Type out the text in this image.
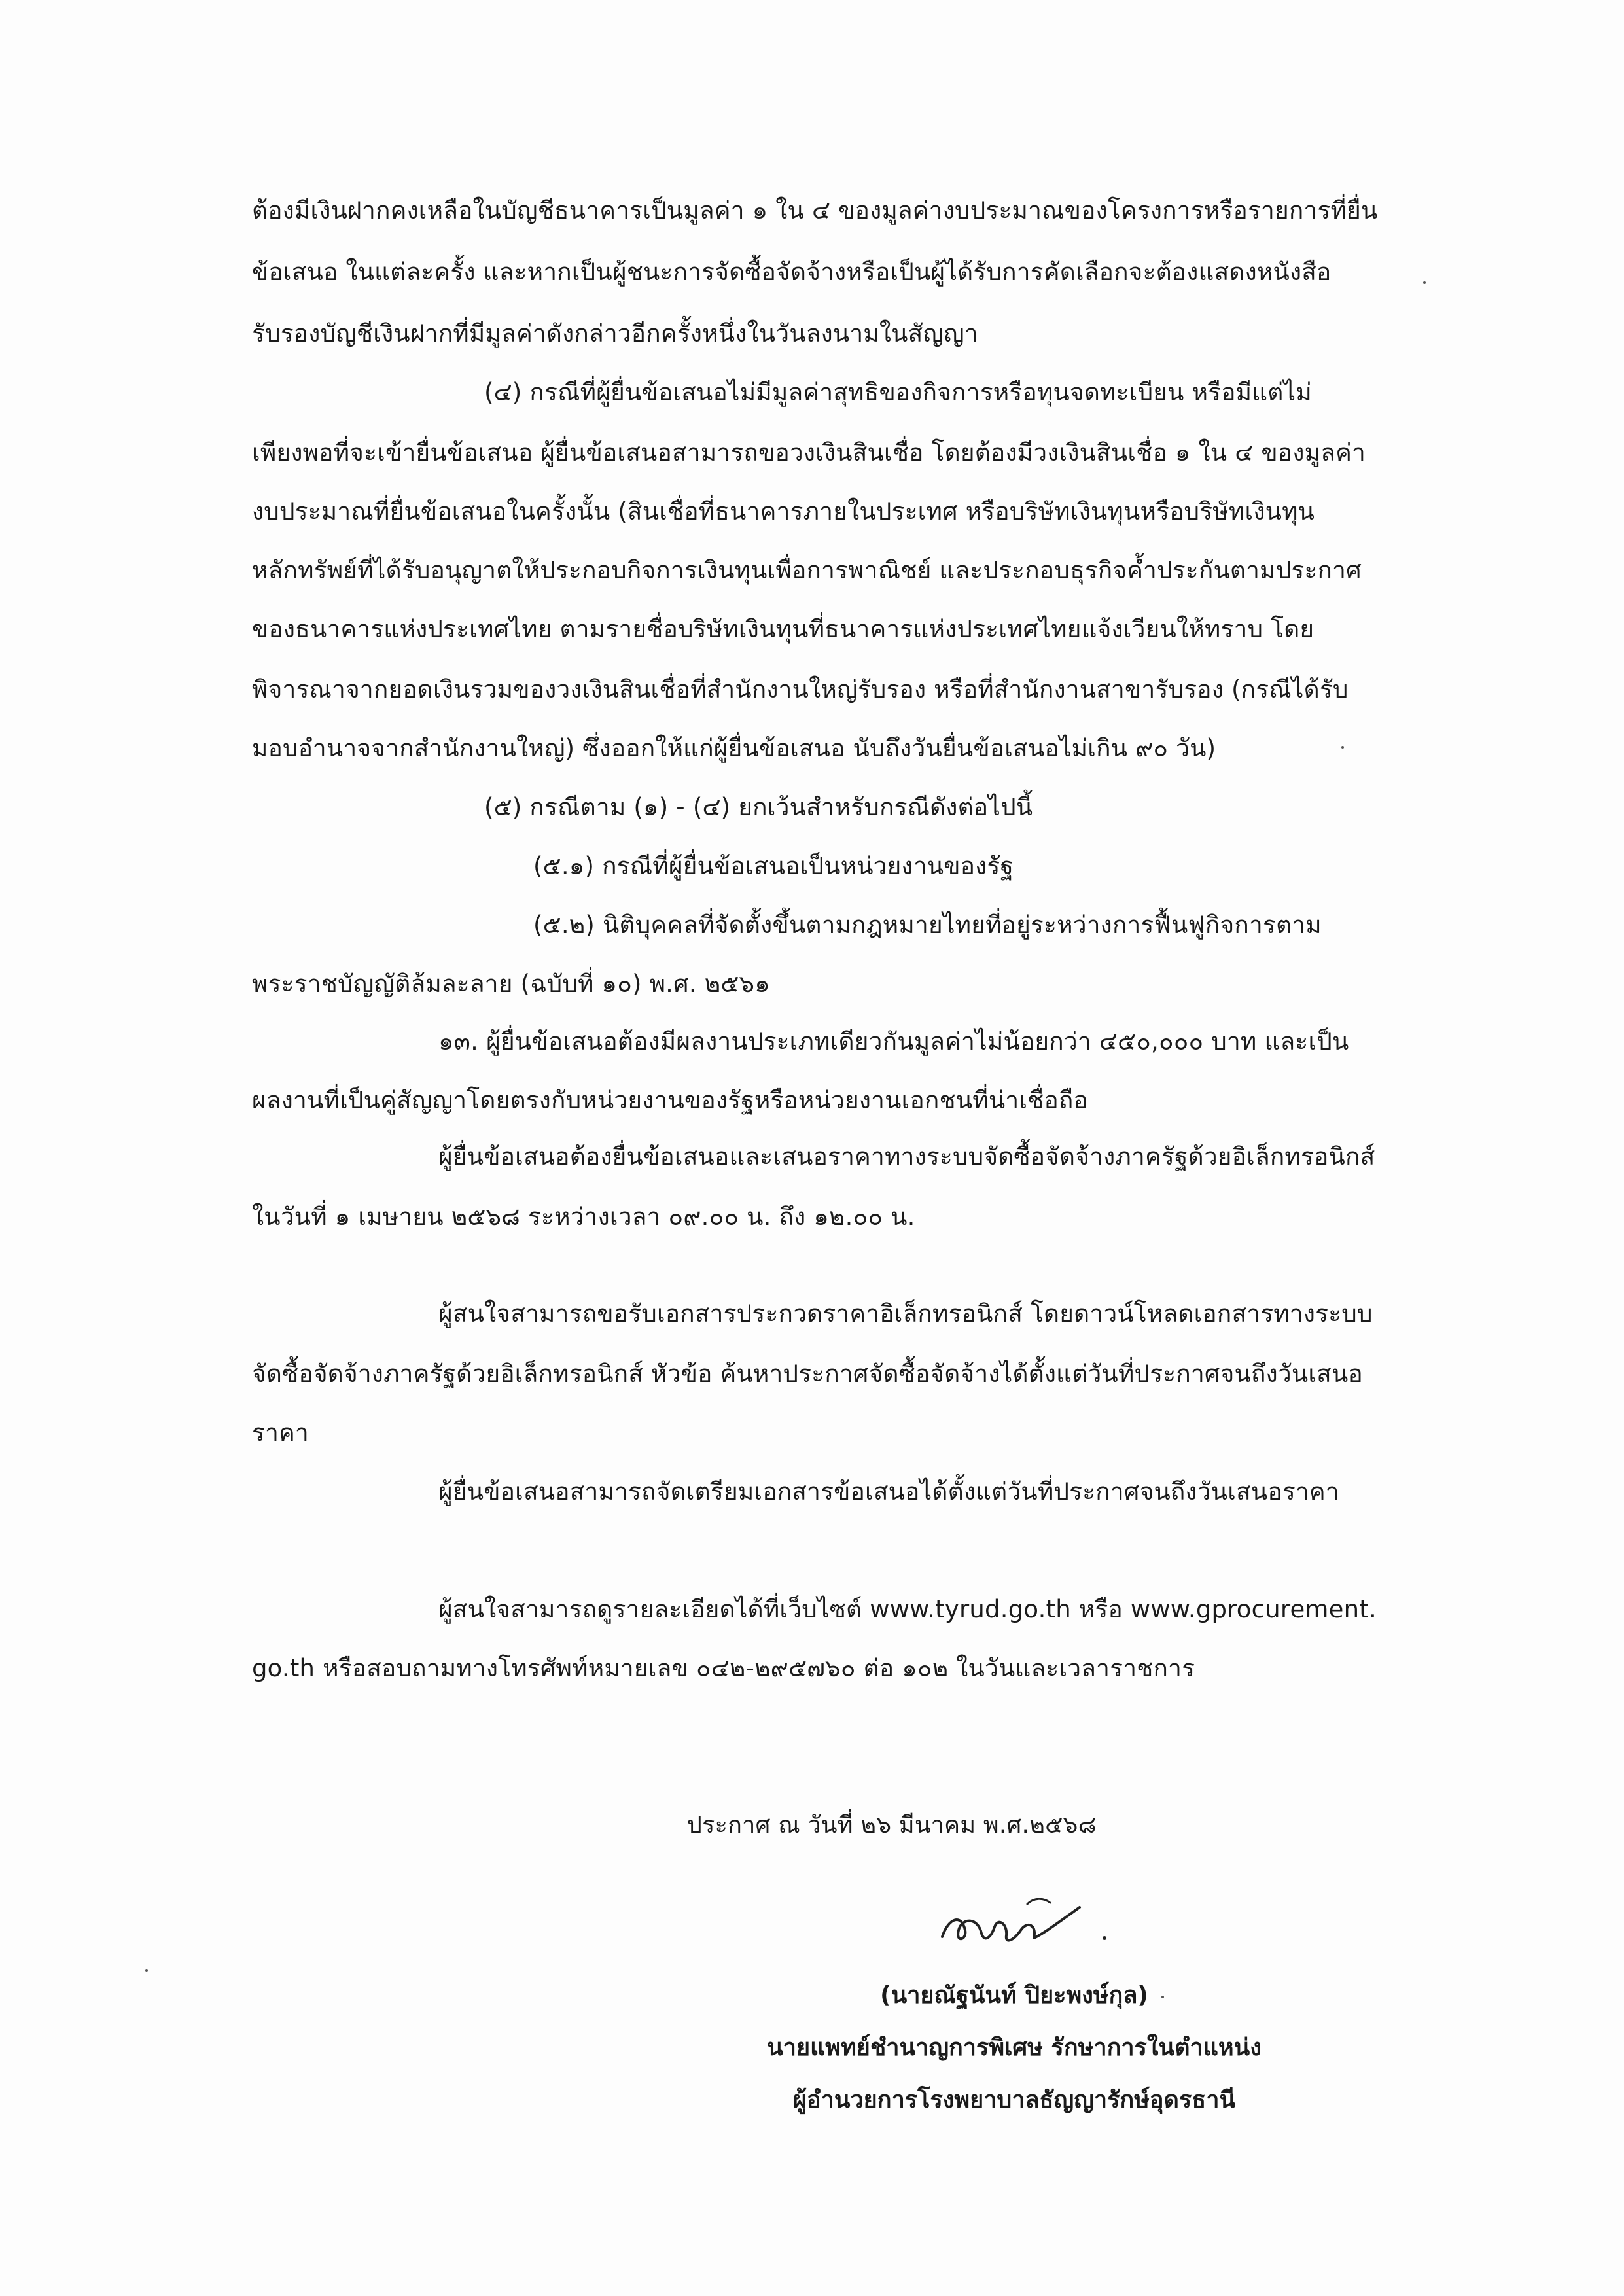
ต้องมีเงินฝากคงเหลือในบัญชีธนาคารเป็นมูลค่า ๑ ใน ๔ ของมูลค่างบประมาณของโครงการหรือรายการที่ยื่น
ข้อเสนอ ในแต่ละครั้ง และหากเป็นผู้ชนะการจัดซื้อจัดจ้างหรือเป็นผู้ได้รับการคัดเลือกจะต้องแสดงหนังสือ
รับรองบัญชีเงินฝากที่มีมูลค่าดังกล่าวอีกครั้งหนึ่งในวันลงนามในสัญญา
(๔) กรณีที่ผู้ยื่นข้อเสนอไม่มีมูลค่าสุทธิของกิจการหรือทุนจดทะเบียน หรือมีแต่ไม่
เพียงพอที่จะเข้ายื่นข้อเสนอ ผู้ยื่นข้อเสนอสามารถขอวงเงินสินเชื่อ โดยต้องมีวงเงินสินเชื่อ ๑ ใน ๔ ของมูลค่า
งบประมาณที่ยื่นข้อเสนอในครั้งนั้น (สินเชื่อที่ธนาคารภายในประเทศ หรือบริษัทเงินทุนหรือบริษัทเงินทุน
หลักทรัพย์ที่ได้รับอนุญาตให้ประกอบกิจการเงินทุนเพื่อการพาณิชย์ และประกอบธุรกิจค้ำประกันตามประกาศ
ของธนาคารแห่งประเทศไทย ตามรายชื่อบริษัทเงินทุนที่ธนาคารแห่งประเทศไทยแจ้งเวียนให้ทราบ โดย
พิจารณาจากยอดเงินรวมของวงเงินสินเชื่อที่สำนักงานใหญ่รับรอง หรือที่สำนักงานสาขารับรอง (กรณีได้รับ
มอบอำนาจจากสำนักงานใหญ่) ซึ่งออกให้แก่ผู้ยื่นข้อเสนอ นับถึงวันยื่นข้อเสนอไม่เกิน ๙๐ วัน)
(๕) กรณีตาม (๑) - (๔) ยกเว้นสำหรับกรณีดังต่อไปนี้
(๕.๑) กรณีที่ผู้ยื่นข้อเสนอเป็นหน่วยงานของรัฐ
(๕.๒) นิติบุคคลที่จัดตั้งขึ้นตามกฎหมายไทยที่อยู่ระหว่างการฟื้นฟูกิจการตาม
พระราชบัญญัติล้มละลาย (ฉบับที่ ๑๐) พ.ศ. ๒๕๖๑
๑๓. ผู้ยื่นข้อเสนอต้องมีผลงานประเภทเดียวกันมูลค่าไม่น้อยกว่า ๔๕๐,๐๐๐ บาท และเป็น
ผลงานที่เป็นคู่สัญญาโดยตรงกับหน่วยงานของรัฐหรือหน่วยงานเอกชนที่น่าเชื่อถือ
ผู้ยื่นข้อเสนอต้องยื่นข้อเสนอและเสนอราคาทางระบบจัดซื้อจัดจ้างภาครัฐด้วยอิเล็กทรอนิกส์
ในวันที่ ๑ เมษายน ๒๕๖๘ ระหว่างเวลา ๐๙.๐๐ น. ถึง ๑๒.๐๐ น.
ผู้สนใจสามารถขอรับเอกสารประกวดราคาอิเล็กทรอนิกส์ โดยดาวน์โหลดเอกสารทางระบบ
จัดซื้อจัดจ้างภาครัฐด้วยอิเล็กทรอนิกส์ หัวข้อ ค้นหาประกาศจัดซื้อจัดจ้างได้ตั้งแต่วันที่ประกาศจนถึงวันเสนอ
ราคา
ผู้ยื่นข้อเสนอสามารถจัดเตรียมเอกสารข้อเสนอได้ตั้งแต่วันที่ประกาศจนถึงวันเสนอราคา
ผู้สนใจสามารถดูรายละเอียดได้ที่เว็บไซต์ www.tyrud.go.th หรือ www.gprocurement.
go.th หรือสอบถามทางโทรศัพท์หมายเลข ๐๔๒-๒๙๕๗๖๐ ต่อ ๑๐๒ ในวันและเวลาราชการ
ประกาศ ณ วันที่ ๒๖ มีนาคม พ.ศ.๒๕๖๘
(นายณัฐนันท์ ปิยะพงษ์กุล)
นายแพทย์ชำนาญการพิเศษ รักษาการในตำแหน่ง
ผู้อำนวยการโรงพยาบาลธัญญารักษ์อุดรธานี
